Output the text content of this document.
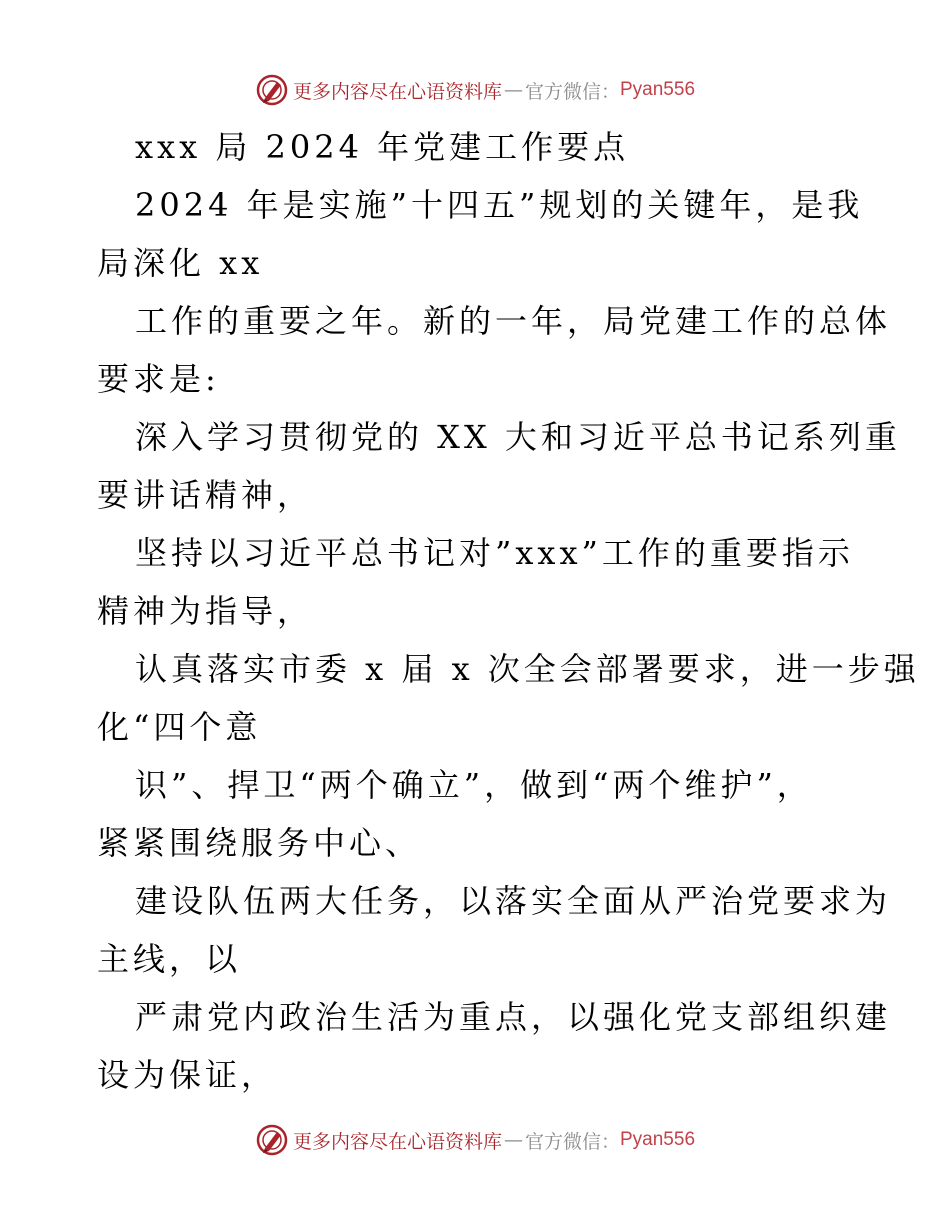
更多内容尽在心语资料库 — 官方微信： Pyan556
xxx 局 2024 年党建工作要点
2024 年是实施”十四五”规划的关键年，是我
局深化 xx
工作的重要之年。新的一年，局党建工作的总体
要求是:
深入学习贯彻党的 XX 大和习近平总书记系列重
要讲话精神，
坚持以习近平总书记对”xxx”工作的重要指示
精神为指导，
认真落实市委 x 届 x 次全会部署要求，进一步强
化“四个意
识”、捍卫“两个确立”，做到“两个维护”，
紧紧围绕服务中心、
建设队伍两大任务，以落实全面从严治党要求为
主线，以
严肃党内政治生活为重点，以强化党支部组织建
设为保证，
更多内容尽在心语资料库 — 官方微信： Pyan556
